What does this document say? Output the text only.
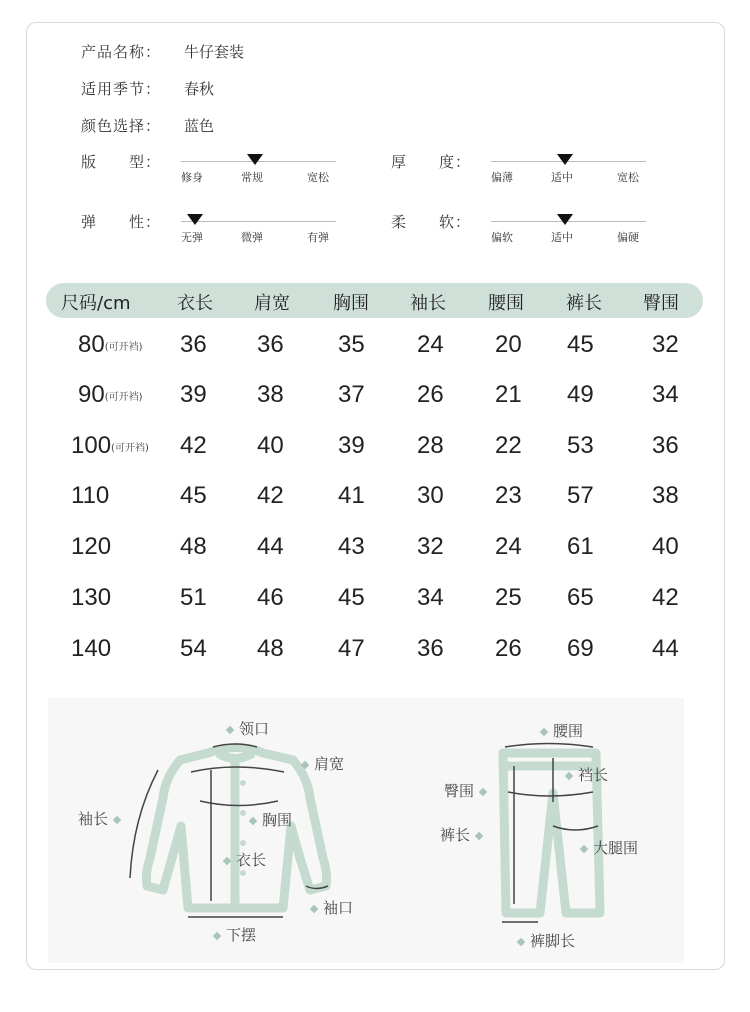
产品名称： 牛仔套装
适用季节： 春秋
颜色选择： 蓝色
版　　型：
修身	常规	宽松
厚　　度：
偏薄	适中	宽松
弹　　性：
无弹	微弹	有弹
柔　　软：
偏软	适中	偏硬
尺码/cm	衣长 肩宽 胸围 袖长 腰围 裤长 臀围
80(可开裆) 36 36 35 24 20 45 32
90(可开裆) 39 38 37 26 21 49 34
100(可开裆) 42 40 39 28 22 53 36
110	45 42 41 30 23 57 38
120	48 44 43 32 24 61 40
130	51 46 45 34 25 65 42
140	54 48 47 36 26 69 44
领口
肩宽
袖长	胸围
衣长
袖口
下摆
腰围
裆长
臀围
裤长
大腿围
裤脚长
